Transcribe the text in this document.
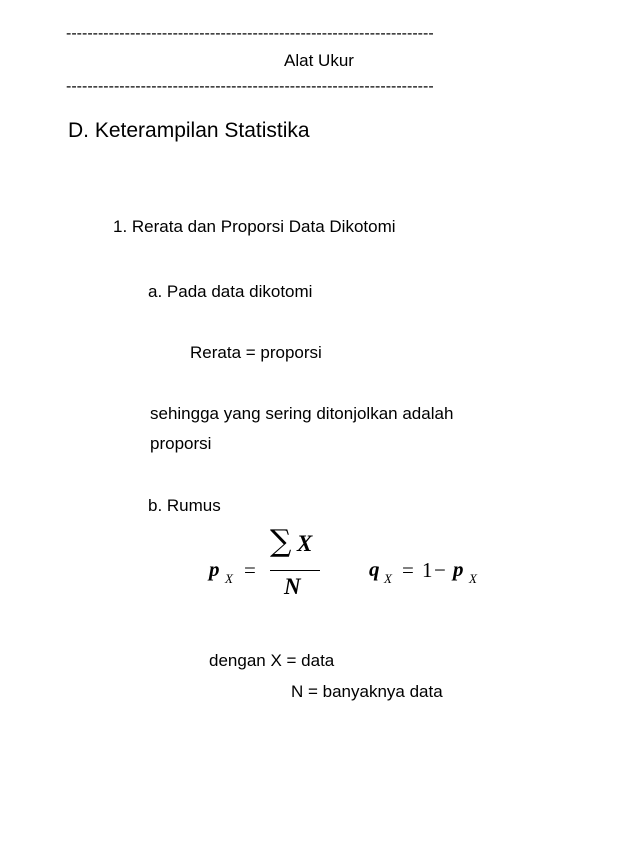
---------------------------------------------------------------------
Alat Ukur
---------------------------------------------------------------------
D. Keterampilan Statistika
1. Rerata dan Proporsi Data Dikotomi
a. Pada data dikotomi
Rerata = proporsi
sehingga yang sering ditonjolkan adalah
proporsi
b. Rumus
p X =
∑ X
N
q X = 1 − p X
dengan X = data
N = banyaknya data
